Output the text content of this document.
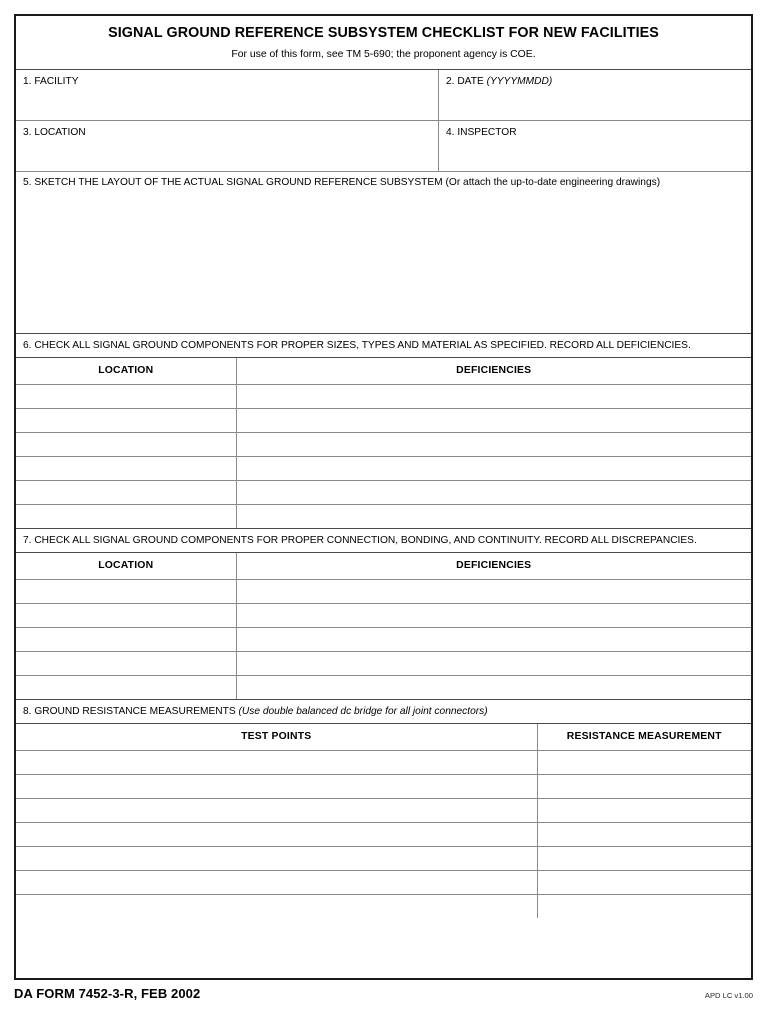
SIGNAL GROUND REFERENCE SUBSYSTEM CHECKLIST FOR NEW FACILITIES
For use of this form, see TM 5-690; the proponent agency is COE.
1. FACILITY	2. DATE (YYYYMMDD)
3. LOCATION	4. INSPECTOR
5. SKETCH THE LAYOUT OF THE ACTUAL SIGNAL GROUND REFERENCE SUBSYSTEM (Or attach the up-to-date engineering drawings)
6. CHECK ALL SIGNAL GROUND COMPONENTS FOR PROPER SIZES, TYPES AND MATERIAL AS SPECIFIED. RECORD ALL DEFICIENCIES.
LOCATION	DEFICIENCIES

7. CHECK ALL SIGNAL GROUND COMPONENTS FOR PROPER CONNECTION, BONDING, AND CONTINUITY. RECORD ALL DISCREPANCIES.
LOCATION	DEFICIENCIES

8. GROUND RESISTANCE MEASUREMENTS (Use double balanced dc bridge for all joint connectors)
TEST POINTS	RESISTANCE MEASUREMENT

DA FORM 7452-3-R, FEB 2002	APD LC v1.00
